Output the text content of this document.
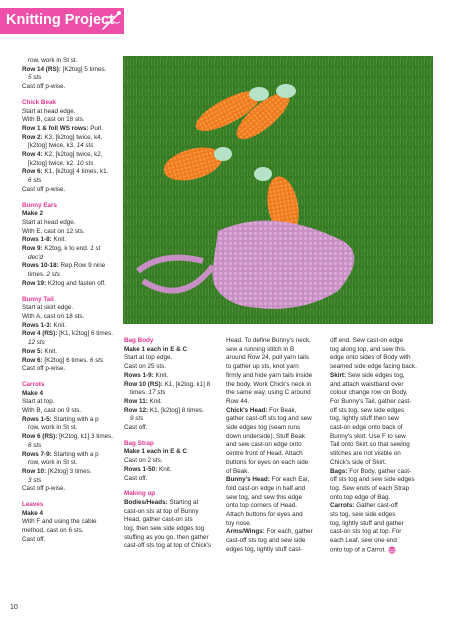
Knitting Project

row, work in St st.

Row 14 (RS): [K2tog] 5 times.

5 sts

Cast off p-wise.

Chick Beak

Start at head edge.

With B, cast on 18 sts.

Row 1 & foll WS rows: Purl.

Row 2: K3, [k2tog] twice, k4,

[k2tog] twice, k3. 14 sts

Row 4: K2, [k2tog] twice, k2,

[k2tog] twice, k2. 10 sts

Row 6: K1, [k2tog] 4 times, k1.

6 sts

Cast off p-wise.

Bunny Ears

Make 2

Start at head edge.

With E, cast on 12 sts.

Rows 1-8: Knit.

Row 9: K2tog, k to end. 1 st

dec'd

Rows 10-18: Rep Row 9 nine

times. 2 sts

Row 19: K2tog and fasten off.

Bunny Tail

Start at skirt edge.

With A, cast on 18 sts.

Rows 1-3: Knit.

Row 4 (RS): [K1, k2tog] 6 times.

12 sts

Row 5: Knit.

Row 6: [K2tog] 6 times. 6 sts

Cast off p-wise.

Carrots

Make 4

Start at top.

With B, cast on 9 sts.

Rows 1-5: Starting with a p

row, work in St st.

Row 6 (RS): [K2tog, k1] 3 times.

6 sts

Rows 7-9: Starting with a p

row, work in St st.

Row 10: [K2tog] 3 times.

3 sts

Cast off p-wise.

Leaves

Make 4

With F and using the cable

method, cast on 6 sts.

Cast off.

Bag Body

Make 1 each in E & C

Start at top edge.

Cast on 25 sts.

Rows 1-9: Knit.

Row 10 (RS): K1, [k2tog, k1] 8

times. 17 sts

Row 11: Knit.

Row 12: K1, [k2tog] 8 times.

9 sts

Cast off.

Bag Strap

Make 1 each in E & C

Cast on 2 sts.

Rows 1-50: Knit.

Cast off.

Making up

Bodies/Heads: Starting at

cast-on sts at top of Bunny

Head, gather cast-on sts

tog, then sew side edges tog

stuffing as you go, then gather

cast-off sts tog at top of Chick's

Head. To define Bunny's neck,

sew a running stitch in B

around Row 24, pull yarn tails

to gather up sts, knot yarn

firmly and hide yarn tails inside

the body. Work Chick's neck in

the same way, using C around

Row 44.

Chick's Head: For Beak,

gather cast-off sts tog and sew

side edges tog (seam runs

down underside). Stuff Beak

and sew cast-on edge onto

centre front of Head. Attach

buttons for eyes on each side

of Beak.

Bunny's Head: For each Ear,

fold cast-on edge in half and

sew tog, and sew this edge

onto top corners of Head.

Attach buttons for eyes and

toy nose.

Arms/Wings: For each, gather

cast-off sts tog and sew side

edges tog, lightly stuff cast-

off end. Sew cast-on edge

tog along top, and sew this

edge onto sides of Body with

seamed side edge facing back.

Skirt: Sew side edges tog,

and attach waistband over

colour change row on Body.

For Bunny's Tail, gather cast-

off sts tog, sew side edges

tog, lightly stuff then sew

cast-on edge onto back of

Bunny's skirt. Use F to sew

Tail onto Skirt so that sewing

stitches are not visible on

Chick's side of Skirt.

Bags: For Body, gather cast-

off sts tog and sew side edges

tog. Sew ends of each Strap

onto top edge of Bag.

Carrots: Gather cast-off

sts tog, sew side edges

tog, lightly stuff and gather

cast-on sts tog at top. For

each Leaf, sew one end

onto top of a Carrot.

10
